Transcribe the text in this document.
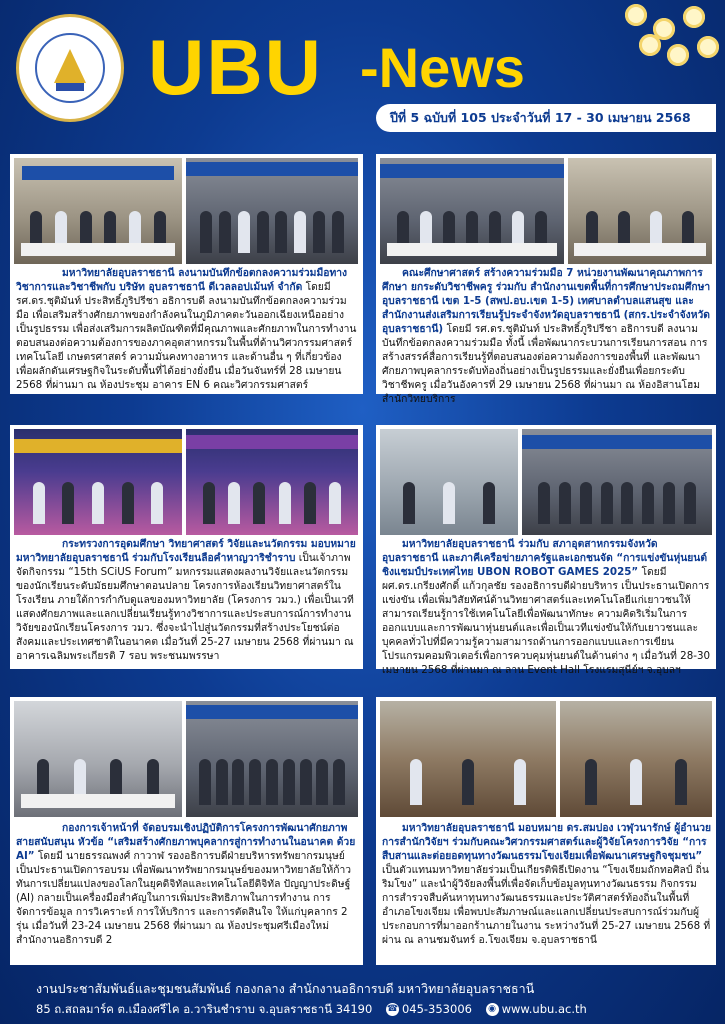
UBU -News
ปีที่ 5 ฉบับที่ 105 ประจำวันที่ 17 - 30 เมษายน 2568
มหาวิทยาลัยอุบลราชธานี ลงนามบันทึกข้อตกลงความร่วมมือทางวิชาการและวิชาชีพกับ บริษัท อุบลราชธานี ดีเวลลอปเม้นท์ จำกัด โดยมี รศ.ดร.ชุติมันท์ ประสิทธิ์ภูริปรีชา อธิการบดี ลงนามบันทึกข้อตกลงความร่วมมือ เพื่อเสริมสร้างศักยภาพของกำลังคนในภูมิภาคตะวันออกเฉียงเหนืออย่างเป็นรูปธรรม เพื่อส่งเสริมการผลิตบัณฑิตที่มีคุณภาพและศักยภาพในการทำงาน ตอบสนองต่อความต้องการของภาคอุตสาหกรรมในพื้นที่ด้านวิศวกรรมศาสตร์ เทคโนโลยี เกษตรศาสตร์ ความมั่นคงทางอาหาร และด้านอื่น ๆ ที่เกี่ยวข้อง เพื่อผลักดันเศรษฐกิจในระดับพื้นที่ได้อย่างยั่งยืน เมื่อวันจันทร์ที่ 28 เมษายน 2568 ที่ผ่านมา ณ ห้องประชุม อาคาร EN 6 คณะวิศวกรรมศาสตร์
คณะศึกษาศาสตร์ สร้างความร่วมมือ 7 หน่วยงานพัฒนาคุณภาพการศึกษา ยกระดับวิชาชีพครู ร่วมกับ สำนักงานเขตพื้นที่การศึกษาประถมศึกษาอุบลราชธานี เขต 1-5 (สพป.อบ.เขต 1-5) เทศบาลตำบลแสนสุข และ สำนักงานส่งเสริมการเรียนรู้ประจำจังหวัดอุบลราชธานี (สกร.ประจำจังหวัดอุบลราชธานี) โดยมี รศ.ดร.ชุติมันท์ ประสิทธิ์ภูริปรีชา อธิการบดี ลงนามบันทึกข้อตกลงความร่วมมือ ทั้งนี้ เพื่อพัฒนากระบวนการเรียนการสอน การสร้างสรรค์สื่อการเรียนรู้ที่ตอบสนองต่อความต้องการของพื้นที่ และพัฒนาศักยภาพบุคลากรระดับท้องถิ่นอย่างเป็นรูปธรรมและยั่งยืนเพื่อยกระดับวิชาชีพครู เมื่อวันอังคารที่ 29 เมษายน 2568 ที่ผ่านมา ณ ห้องอิสานโฮม สำนักวิทยบริการ
กระทรวงการอุดมศึกษา วิทยาศาสตร์ วิจัยและนวัตกรรม มอบหมาย มหาวิทยาลัยอุบลราชธานี ร่วมกับโรงเรียนลือคำหาญวาริชำราบ เป็นเจ้าภาพจัดกิจกรรม “15th SCiUS Forum” มหกรรมแสดงผลงานวิจัยและนวัตกรรมของนักเรียนระดับมัธยมศึกษาตอนปลาย โครงการห้องเรียนวิทยาศาสตร์ในโรงเรียน ภายใต้การกำกับดูแลของมหาวิทยาลัย (โครงการ วมว.) เพื่อเป็นเวทีแสดงศักยภาพและแลกเปลี่ยนเรียนรู้ทางวิชาการและประสบการณ์การทำงานวิจัยของนักเรียนโครงการ วมว. ซึ่งจะนำไปสู่นวัตกรรมที่สร้างประโยชน์ต่อสังคมและประเทศชาติในอนาคต เมื่อวันที่ 25-27 เมษายน 2568 ที่ผ่านมา ณ อาคารเฉลิมพระเกียรติ 7 รอบ พระชนมพรรษา
มหาวิทยาลัยอุบลราชธานี ร่วมกับ สภาอุตสาหกรรมจังหวัดอุบลราชธานี และภาคีเครือข่ายภาครัฐและเอกชนจัด “การแข่งขันหุ่นยนต์ชิงแชมป์ประเทศไทย UBON ROBOT GAMES 2025” โดยมี ผศ.ดร.เกรียงศักดิ์ แก้วกุลชัย รองอธิการบดีฝ่ายบริหาร เป็นประธานเปิดการแข่งขัน เพื่อเพิ่มวิสัยทัศน์ด้านวิทยาศาสตร์และเทคโนโลยีแก่เยาวชนให้สามารถเรียนรู้การใช้เทคโนโลยีเพื่อพัฒนาทักษะ ความคิดริเริ่มในการออกแบบและการพัฒนาหุ่นยนต์และเพื่อเป็นเวทีแข่งขันให้กับเยาวชนและบุคคลทั่วไปที่มีความรู้ความสามารถด้านการออกแบบและการเขียนโปรแกรมคอมพิวเตอร์เพื่อการควบคุมหุ่นยนต์ในด้านต่าง ๆ เมื่อวันที่ 28-30 เมษายน 2568 ที่ผ่านมา ณ ลาน Event Hall โรงแรมสุนีย์ฯ จ.อุบลฯ
กองการเจ้าหน้าที่ จัดอบรมเชิงปฏิบัติการโครงการพัฒนาศักยภาพสายสนับสนุน หัวข้อ “เสริมสร้างศักยภาพบุคลากรสู่การทำงานในอนาคต ด้วย AI” โดยมี นายธรรณพงศ์ กาวาฬ รองอธิการบดีฝ่ายบริหารทรัพยากรมนุษย์ เป็นประธานเปิดการอบรม เพื่อพัฒนาทรัพยากรมนุษย์ของมหาวิทยาลัยให้ก้าวทันการเปลี่ยนแปลงของโลกในยุคดิจิทัลและเทคโนโลยีดิจิทัล ปัญญาประดิษฐ์ (AI) กลายเป็นเครื่องมือสำคัญในการเพิ่มประสิทธิภาพในการทำงาน การจัดการข้อมูล การวิเคราะห์ การให้บริการ และการตัดสินใจ ให้แก่บุคลากร 2 รุ่น เมื่อวันที่ 23-24 เมษายน 2568 ที่ผ่านมา ณ ห้องประชุมศรีเมืองใหม่ สำนักงานอธิการบดี 2
มหาวิทยาลัยอุบลราชธานี มอบหมาย ดร.สมปอง เวฬุวนารักษ์ ผู้อำนวยการสำนักวิจัยฯ ร่วมกับคณะวิศวกรรมศาสตร์และผู้วิจัยโครงการวิจัย “การสืบสานและต่อยอดทุนทางวัฒนธรรมโขงเจียมเพื่อพัฒนาเศรษฐกิจชุมชน” เป็นตัวแทนมหาวิทยาลัยร่วมเป็นเกียรติพิธีเปิดงาน “โขงเจียมถักทอศิลป์ ถิ่นริมโขง” และนำผู้วิจัยลงพื้นที่เพื่อจัดเก็บข้อมูลทุนทางวัฒนธรรม กิจกรรมการสำรวจสืบค้นหาทุนทางวัฒนธรรมและประวัติศาสตร์ท้องถิ่นในพื้นที่อำเภอโขงเจียม เพื่อพบปะสัมภาษณ์และแลกเปลี่ยนประสบการณ์ร่วมกับผู้ประกอบการที่มาออกร้านภายในงาน ระหว่างวันที่ 25-27 เมษายน 2568 ที่ผ่าน ณ ลานชมจันทร์ อ.โขงเจียม จ.อุบลราชธานี
งานประชาสัมพันธ์และชุมชนสัมพันธ์ กองกลาง สำนักงานอธิการบดี มหาวิทยาลัยอุบลราชธานี
85 ถ.สถลมาร์ค ต.เมืองศรีไค อ.วารินชำราบ จ.อุบลราชธานี 34190 ☎ 045-353006 ◉ www.ubu.ac.th
